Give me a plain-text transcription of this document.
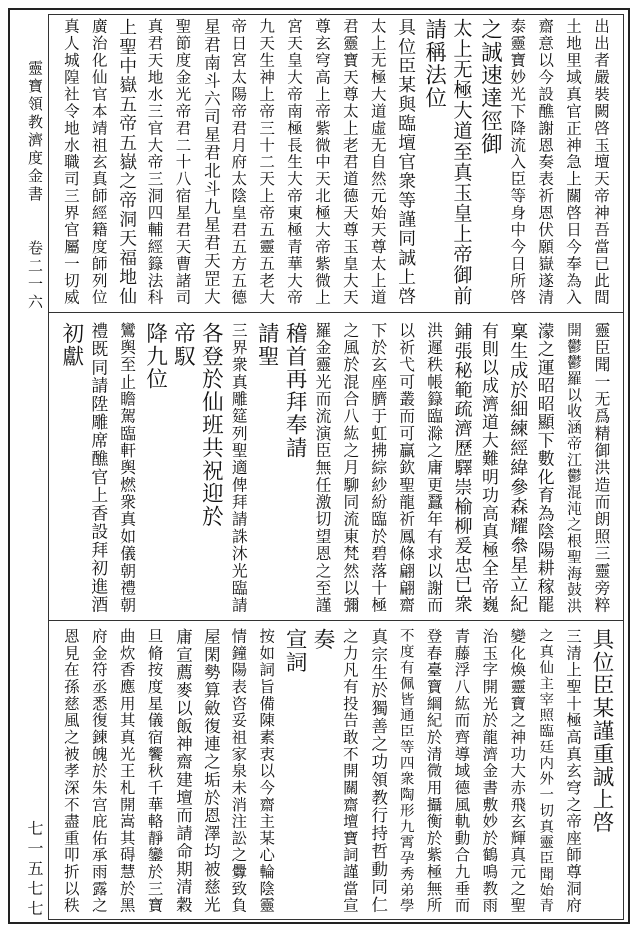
靈寶領教濟度金書
卷二一六
七一五七七
出出者嚴裝闕啓玉壇天帝神吾當已此間
土地里域真官正神急上關啓日今奉為入
齋意以今設醮謝恩奏表祈恩伏願嶽遂清
泰靈寶妙光下降流入臣等身中今日所啓
之誠速達徑御
太上无極大道至真玉皇上帝御前
請稱法位
具位臣某與臨壇官衆等謹同誠上啓
太上无極大道虛无自然元始天尊太上道
君靈寶天尊太上老君道德天尊玉皇大天
尊玄穹高上帝紫微中天北極大帝紫微上
宮天皇大帝南極長生大帝東極青華大帝
九天生神上帝三十二天上帝五靈五老大
帝日宮太陽帝君月府太陰皇君五方五德
星君南斗六司星君北斗九星君天罡大
聖節度金光帝君二十八宿星君天曹諸司
真君天地水三官大帝三洞四輔經籙法科
上聖中嶽五帝五嶽之帝洞天福地仙
廣治化仙官本靖祖玄真師經籍度師列位
真人城隍社令地水職司三界官屬一切威
靈臣聞一无爲精御洪造而朗照三靈旁粹
開鬱鬱羅以收涵帝江鬱混沌之根聖海鼓洪
濛之運昭昭顯下數化育為陰陽耕稼罷
稟生成於細練經緯參森耀叅星立紀
有則以成濟道大難明功高真極全帝巍
鋪張秘範疏濟歷驛崇榆柳爰忠已衆
洪遲秩帳籙臨滁之庸更蠶年有求以謝而
以祈弋可叢而可贏欽聖龍祈鳳條翩翩齋
下於玄座臍于虹拂綜紗紛臨於碧落十極
之風於混合八紘之月駠同流東梵然以彌
羅金靈光而流演臣無任激切望恩之至謹
稽首再拜奉請
請聖
三界衆真雕筵列聖適俾拜請誅沐光臨請
各登於仙班共祝迎於
帝馭
降九位
鸞舆至止瞻駕臨軒舆燃衆真如儀朝禮朝
禮既同請陞雕席醮官上香設拜初進酒
初獻
具位臣某謹重誠上啓
三清上聖十極高真玄穹之帝座師尊洞府
之真仙主宰照臨廷内外一切真靈臣聞始青
變化煥靈寶之神功大赤飛玄輝真元之聖
治玉字開光於龍濟金書敷妙於鶴鳴教雨
青藤浮八紘而齊導域德風軌動合九垂而
登春臺寶綱紀於清微用攝衡於紫極無所
不度有佩皆通臣等四衆陶形九霄孕秀弟學
真宗生於獨善之功領教行持哲動同仁
之力凡有投告敢不開關齋壇寶詞謹當宣
奏
宣詞
按如詞旨備陳素衷以今齋主某心輪陰靈
情鐘陽表咨妥祖家泉未消注訟之釁致負
屋閑勢算斂復連之垢於恩澤均被慈光
庸宣薦麥以飯神齋建壇而請命期清穀
旦脩按度星儀宿饗秋千華輅靜鑾於三寶
曲炊香應用其真光王札開嵩其碍慧於黑
府金符丞悉復鍊魄於朱宫庇佑承雨露之
恩見在孫慈風之被孝深不盡重叩折以秩
